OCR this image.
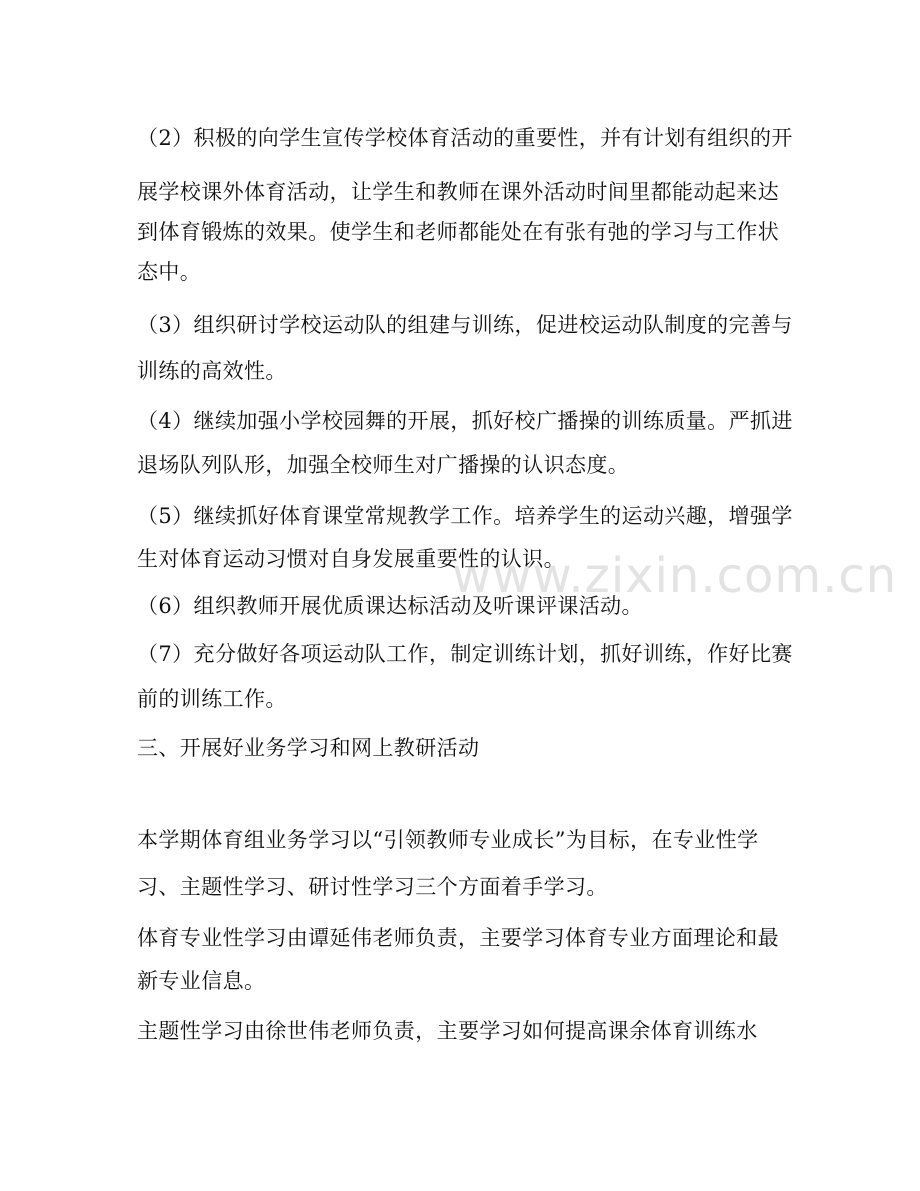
www.zixin.com.cn
（2）积极的向学生宣传学校体育活动的重要性，并有计划有组织的开
展学校课外体育活动，让学生和教师在课外活动时间里都能动起来达
到体育锻炼的效果。使学生和老师都能处在有张有弛的学习与工作状
态中。
（3）组织研讨学校运动队的组建与训练，促进校运动队制度的完善与
训练的高效性。
（4）继续加强小学校园舞的开展，抓好校广播操的训练质量。严抓进
退场队列队形，加强全校师生对广播操的认识态度。
（5）继续抓好体育课堂常规教学工作。培养学生的运动兴趣，增强学
生对体育运动习惯对自身发展重要性的认识。
（6）组织教师开展优质课达标活动及听课评课活动。
（7）充分做好各项运动队工作，制定训练计划，抓好训练，作好比赛
前的训练工作。
三、开展好业务学习和网上教研活动
本学期体育组业务学习以“引领教师专业成长”为目标，在专业性学
习、主题性学习、研讨性学习三个方面着手学习。
体育专业性学习由谭延伟老师负责，主要学习体育专业方面理论和最
新专业信息。
主题性学习由徐世伟老师负责，主要学习如何提高课余体育训练水
